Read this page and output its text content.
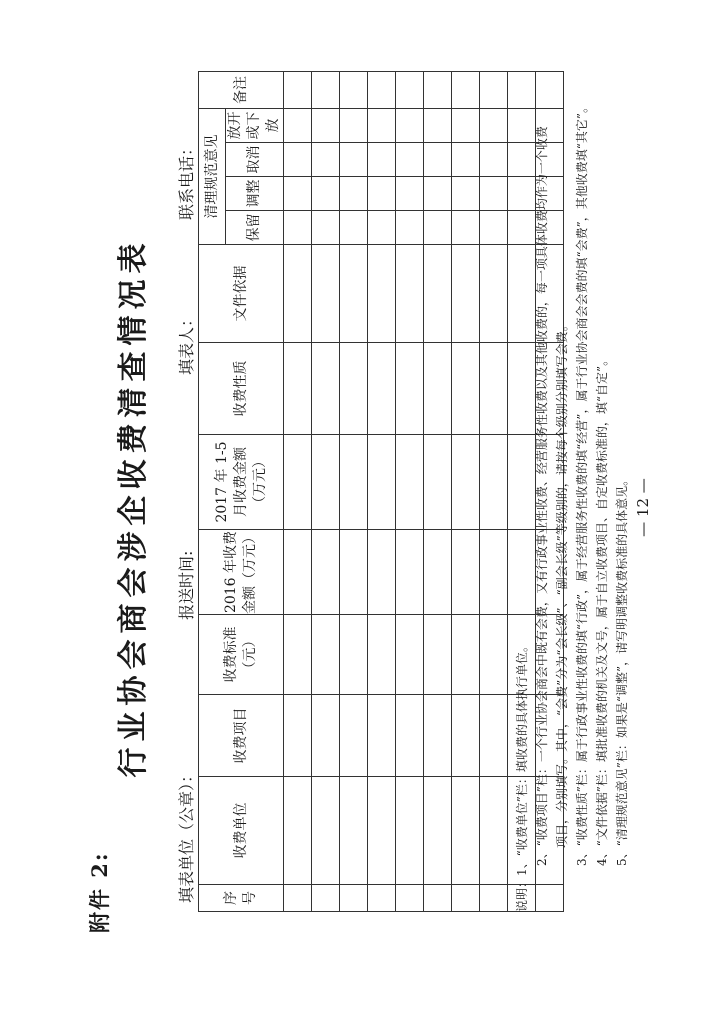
附件 2:
行业协会商会涉企收费清查情况表
填表单位（公章）：
报送时间:
填表人：
联系电话：
序号	收费单位	收费项目	收费标准（元）	2016 年收费金额（万元）	2017 年 1-5 月收费金额（万元）	收费性质	文件依据	清理规范意见				备注
								保留	调整	取消	放开或下放	

说明：1、“收费单位”栏：填收费的具体执行单位。 2、“收费项目”栏：一个行业协会商会中既有会费，又有行政事业性收费、经营服务性收费以及其他收费的，每一项具体收费均作为一个收费 项目，分别填写。其中，“会费”分为“会长级”、“副会长级”等级别的，请按每个级别分别填写会费。 3、“收费性质”栏：属于行政事业性收费的填“行政”，属于经营服务性收费的填“经营”，属于行业协会商会会费的填“会费”，其他收费填“其它”。 4、“文件依据”栏：填批准收费的机关及文号，属于自立收费项目、自定收费标准的，填“自定”。 5、“清理规范意见”栏：如果是“调整”，请写明调整收费标准的具体意见。 — 12 —
